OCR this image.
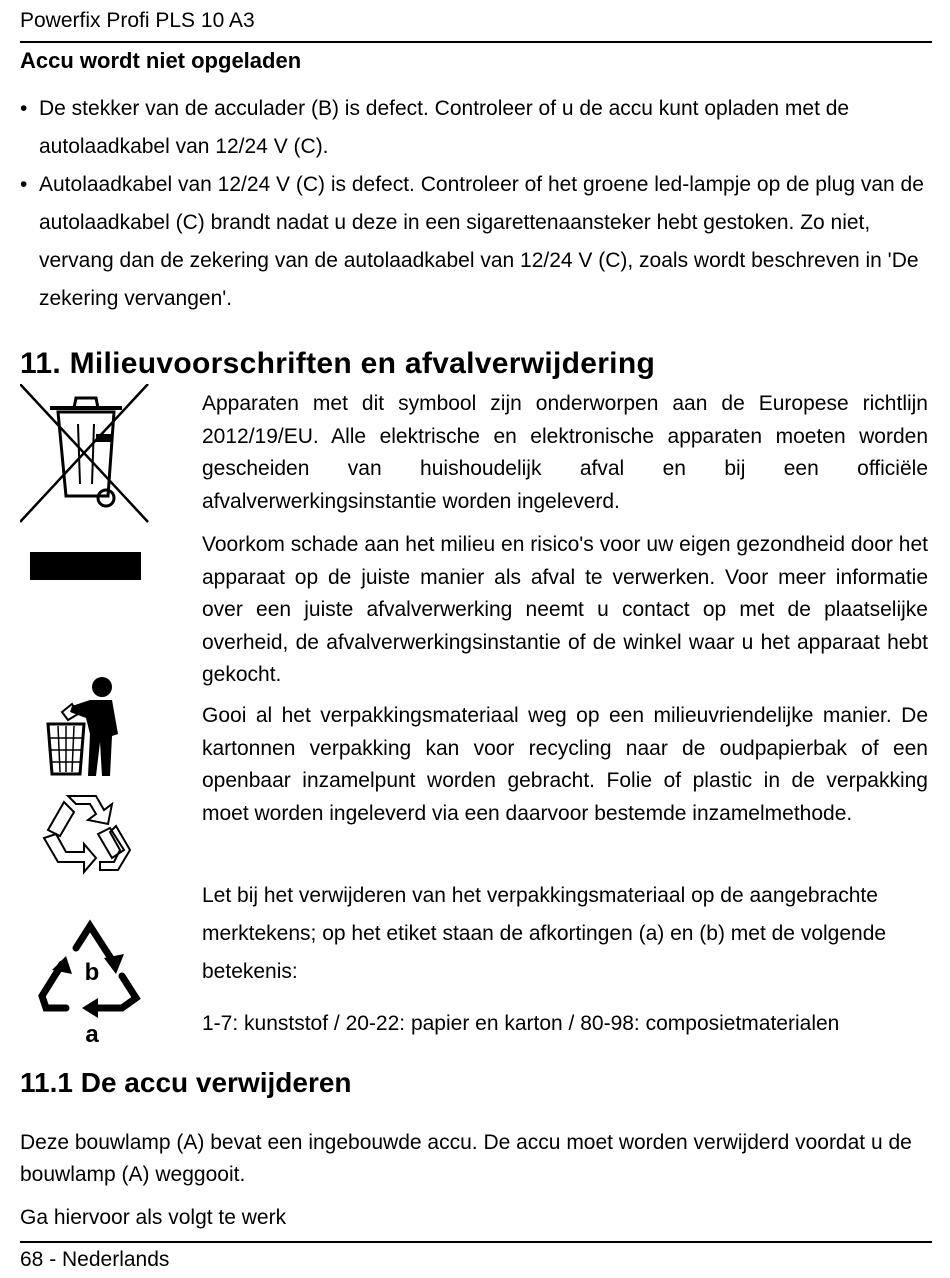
Powerfix Profi PLS 10 A3
Accu wordt niet opgeladen
• De stekker van de acculader (B) is defect. Controleer of u de accu kunt opladen met de autolaadkabel van 12/24 V (C).
• Autolaadkabel van 12/24 V (C) is defect. Controleer of het groene led-lampje op de plug van de autolaadkabel (C) brandt nadat u deze in een sigarettenaansteker hebt gestoken. Zo niet, vervang dan de zekering van de autolaadkabel van 12/24 V (C), zoals wordt beschreven in 'De zekering vervangen'.
11. Milieuvoorschriften en afvalverwijdering
Apparaten met dit symbool zijn onderworpen aan de Europese richtlijn 2012/19/EU. Alle elektrische en elektronische apparaten moeten worden gescheiden van huishoudelijk afval en bij een officiële afvalverwerkingsinstantie worden ingeleverd.
Voorkom schade aan het milieu en risico's voor uw eigen gezondheid door het apparaat op de juiste manier als afval te verwerken. Voor meer informatie over een juiste afvalverwerking neemt u contact op met de plaatselijke overheid, de afvalverwerkingsinstantie of de winkel waar u het apparaat hebt gekocht.
Gooi al het verpakkingsmateriaal weg op een milieuvriendelijke manier. De kartonnen verpakking kan voor recycling naar de oudpapierbak of een openbaar inzamelpunt worden gebracht. Folie of plastic in de verpakking moet worden ingeleverd via een daarvoor bestemde inzamelmethode.
b
a
Let bij het verwijderen van het verpakkingsmateriaal op de aangebrachte merktekens; op het etiket staan de afkortingen (a) en (b) met de volgende betekenis:
1-7: kunststof / 20-22: papier en karton / 80-98: composietmaterialen
11.1 De accu verwijderen
Deze bouwlamp (A) bevat een ingebouwde accu. De accu moet worden verwijderd voordat u de bouwlamp (A) weggooit.
Ga hiervoor als volgt te werk
68 - Nederlands
